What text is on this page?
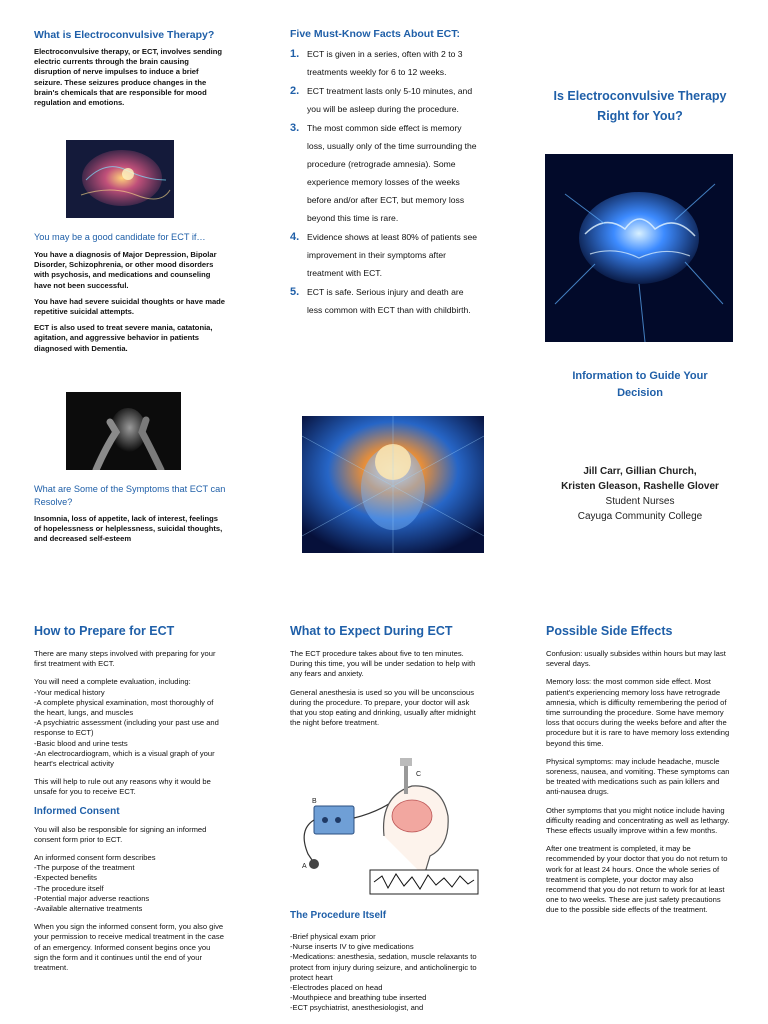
What is Electroconvulsive Therapy?
Electroconvulsive therapy, or ECT, involves sending electric currents through the brain causing disruption of nerve impulses to induce a brief seizure. These seizures produce changes in the brain's chemicals that are responsible for mood regulation and emotions.
You may be a good candidate for ECT if…
You have a diagnosis of Major Depression, Bipolar Disorder, Schizophrenia, or other mood disorders with psychosis, and medications and counseling have not been successful.
You have had severe suicidal thoughts or have made repetitive suicidal attempts.
ECT is also used to treat severe mania, catatonia, agitation, and aggressive behavior in patients diagnosed with Dementia.
What are Some of the Symptoms that ECT can Resolve?
Insomnia, loss of appetite, lack of interest, feelings of hopelessness or helplessness, suicidal thoughts, and decreased self-esteem
Five Must-Know Facts About ECT:
1. ECT is given in a series, often with 2 to 3 treatments weekly for 6 to 12 weeks.
2. ECT treatment lasts only 5-10 minutes, and you will be asleep during the procedure.
3. The most common side effect is memory loss, usually only of the time surrounding the procedure (retrograde amnesia). Some experience memory losses of the weeks before and/or after ECT, but memory loss beyond this time is rare.
4. Evidence shows at least 80% of patients see improvement in their symptoms after treatment with ECT.
5. ECT is safe. Serious injury and death are less common with ECT than with childbirth.
Is Electroconvulsive Therapy Right for You?
Information to Guide Your Decision
Jill Carr, Gillian Church,
Kristen Gleason, Rashelle Glover
Student Nurses
Cayuga Community College
How to Prepare for ECT
There are many steps involved with preparing for your first treatment with ECT.
You will need a complete evaluation, including:
-Your medical history
-A complete physical examination, most thoroughly of the heart, lungs, and muscles
-A psychiatric assessment (including your past use and response to ECT)
-Basic blood and urine tests
-An electrocardiogram, which is a visual graph of your heart's electrical activity
This will help to rule out any reasons why it would be unsafe for you to receive ECT.
Informed Consent
You will also be responsible for signing an informed consent form prior to ECT.
An informed consent form describes
-The purpose of the treatment
-Expected benefits
-The procedure itself
-Potential major adverse reactions
-Available alternative treatments
When you sign the informed consent form, you also give your permission to receive medical treatment in the case of an emergency. Informed consent begins once you sign the form and it continues until the end of your treatment.
What to Expect During ECT
The ECT procedure takes about five to ten minutes. During this time, you will be under sedation to help with any fears and anxiety.
General anesthesia is used so you will be unconscious during the procedure. To prepare, your doctor will ask that you stop eating and drinking, usually after midnight the night before treatment.
B
A
C
The Procedure Itself
-Brief physical exam prior
-Nurse inserts IV to give medications
-Medications: anesthesia, sedation, muscle relaxants to protect from injury during seizure, and anticholinergic to protect heart
-Electrodes placed on head
-Mouthpiece and breathing tube inserted
-ECT psychiatrist, anesthesiologist, and
Possible Side Effects
Confusion: usually subsides within hours but may last several days.
Memory loss: the most common side effect. Most patient's experiencing memory loss have retrograde amnesia, which is difficulty remembering the period of time surrounding the procedure. Some have memory loss that occurs during the weeks before and after the procedure but it is rare to have memory loss extending beyond this time.
Physical symptoms: may include headache, muscle soreness, nausea, and vomiting. These symptoms can be treated with medications such as pain killers and anti-nausea drugs.
Other symptoms that you might notice include having difficulty reading and concentrating as well as lethargy. These effects usually improve within a few months.
After one treatment is completed, it may be recommended by your doctor that you do not return to work for at least 24 hours. Once the whole series of treatment is complete, your doctor may also recommend that you do not return to work for at least one to two weeks. These are just safety precautions due to the possible side effects of the treatment.
